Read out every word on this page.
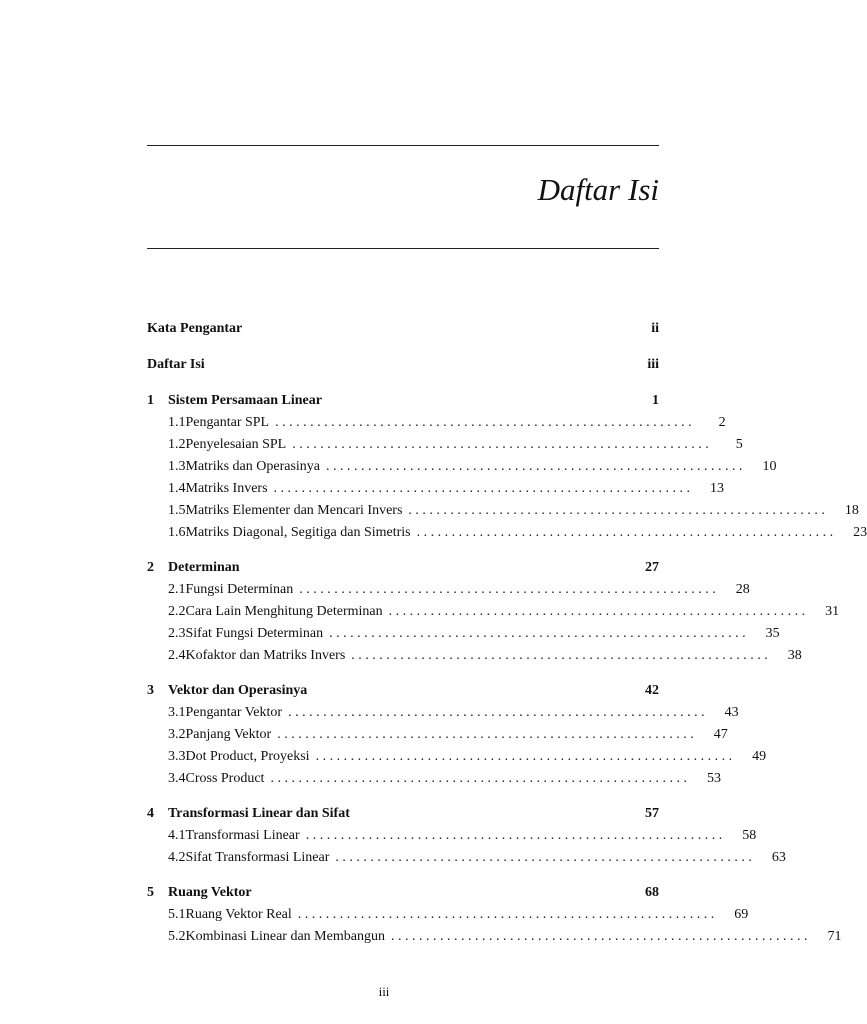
Daftar Isi
Kata Pengantar	ii
Daftar Isi	iii
1	Sistem Persamaan Linear	1
1.1 Pengantar SPL . . . . . . . . . . . . . . . . . . . . . . . . . . . . . . . . . . . . . . . . . . . . . . . . . . . . . . . . . . . .	2
1.2 Penyelesaian SPL . . . . . . . . . . . . . . . . . . . . . . . . . . . . . . . . . . . . . . . . . . . . . . . . . . . . . . . . . . . .	5
1.3 Matriks dan Operasinya . . . . . . . . . . . . . . . . . . . . . . . . . . . . . . . . . . . . . . . . . . . . . . . . . . . . . . . . . . . .	10
1.4 Matriks Invers . . . . . . . . . . . . . . . . . . . . . . . . . . . . . . . . . . . . . . . . . . . . . . . . . . . . . . . . . . . .	13
1.5 Matriks Elementer dan Mencari Invers . . . . . . . . . . . . . . . . . . . . . . . . . . . . . . . . . . . . . . . . . . . . . . . . . . . . . . . . . . . .	18
1.6 Matriks Diagonal, Segitiga dan Simetris . . . . . . . . . . . . . . . . . . . . . . . . . . . . . . . . . . . . . . . . . . . . . . . . . . . . . . . . . . . .	23
2	Determinan	27
2.1 Fungsi Determinan . . . . . . . . . . . . . . . . . . . . . . . . . . . . . . . . . . . . . . . . . . . . . . . . . . . . . . . . . . . .	28
2.2 Cara Lain Menghitung Determinan . . . . . . . . . . . . . . . . . . . . . . . . . . . . . . . . . . . . . . . . . . . . . . . . . . . . . . . . . . . .	31
2.3 Sifat Fungsi Determinan . . . . . . . . . . . . . . . . . . . . . . . . . . . . . . . . . . . . . . . . . . . . . . . . . . . . . . . . . . . .	35
2.4 Kofaktor dan Matriks Invers . . . . . . . . . . . . . . . . . . . . . . . . . . . . . . . . . . . . . . . . . . . . . . . . . . . . . . . . . . . .	38
3	Vektor dan Operasinya	42
3.1 Pengantar Vektor . . . . . . . . . . . . . . . . . . . . . . . . . . . . . . . . . . . . . . . . . . . . . . . . . . . . . . . . . . . .	43
3.2 Panjang Vektor . . . . . . . . . . . . . . . . . . . . . . . . . . . . . . . . . . . . . . . . . . . . . . . . . . . . . . . . . . . .	47
3.3 Dot Product, Proyeksi . . . . . . . . . . . . . . . . . . . . . . . . . . . . . . . . . . . . . . . . . . . . . . . . . . . . . . . . . . . .	49
3.4 Cross Product . . . . . . . . . . . . . . . . . . . . . . . . . . . . . . . . . . . . . . . . . . . . . . . . . . . . . . . . . . . .	53
4	Transformasi Linear dan Sifat	57
4.1 Transformasi Linear . . . . . . . . . . . . . . . . . . . . . . . . . . . . . . . . . . . . . . . . . . . . . . . . . . . . . . . . . . . .	58
4.2 Sifat Transformasi Linear . . . . . . . . . . . . . . . . . . . . . . . . . . . . . . . . . . . . . . . . . . . . . . . . . . . . . . . . . . . .	63
5	Ruang Vektor	68
5.1 Ruang Vektor Real . . . . . . . . . . . . . . . . . . . . . . . . . . . . . . . . . . . . . . . . . . . . . . . . . . . . . . . . . . . .	69
5.2 Kombinasi Linear dan Membangun . . . . . . . . . . . . . . . . . . . . . . . . . . . . . . . . . . . . . . . . . . . . . . . . . . . . . . . . . . . .	71
iii
